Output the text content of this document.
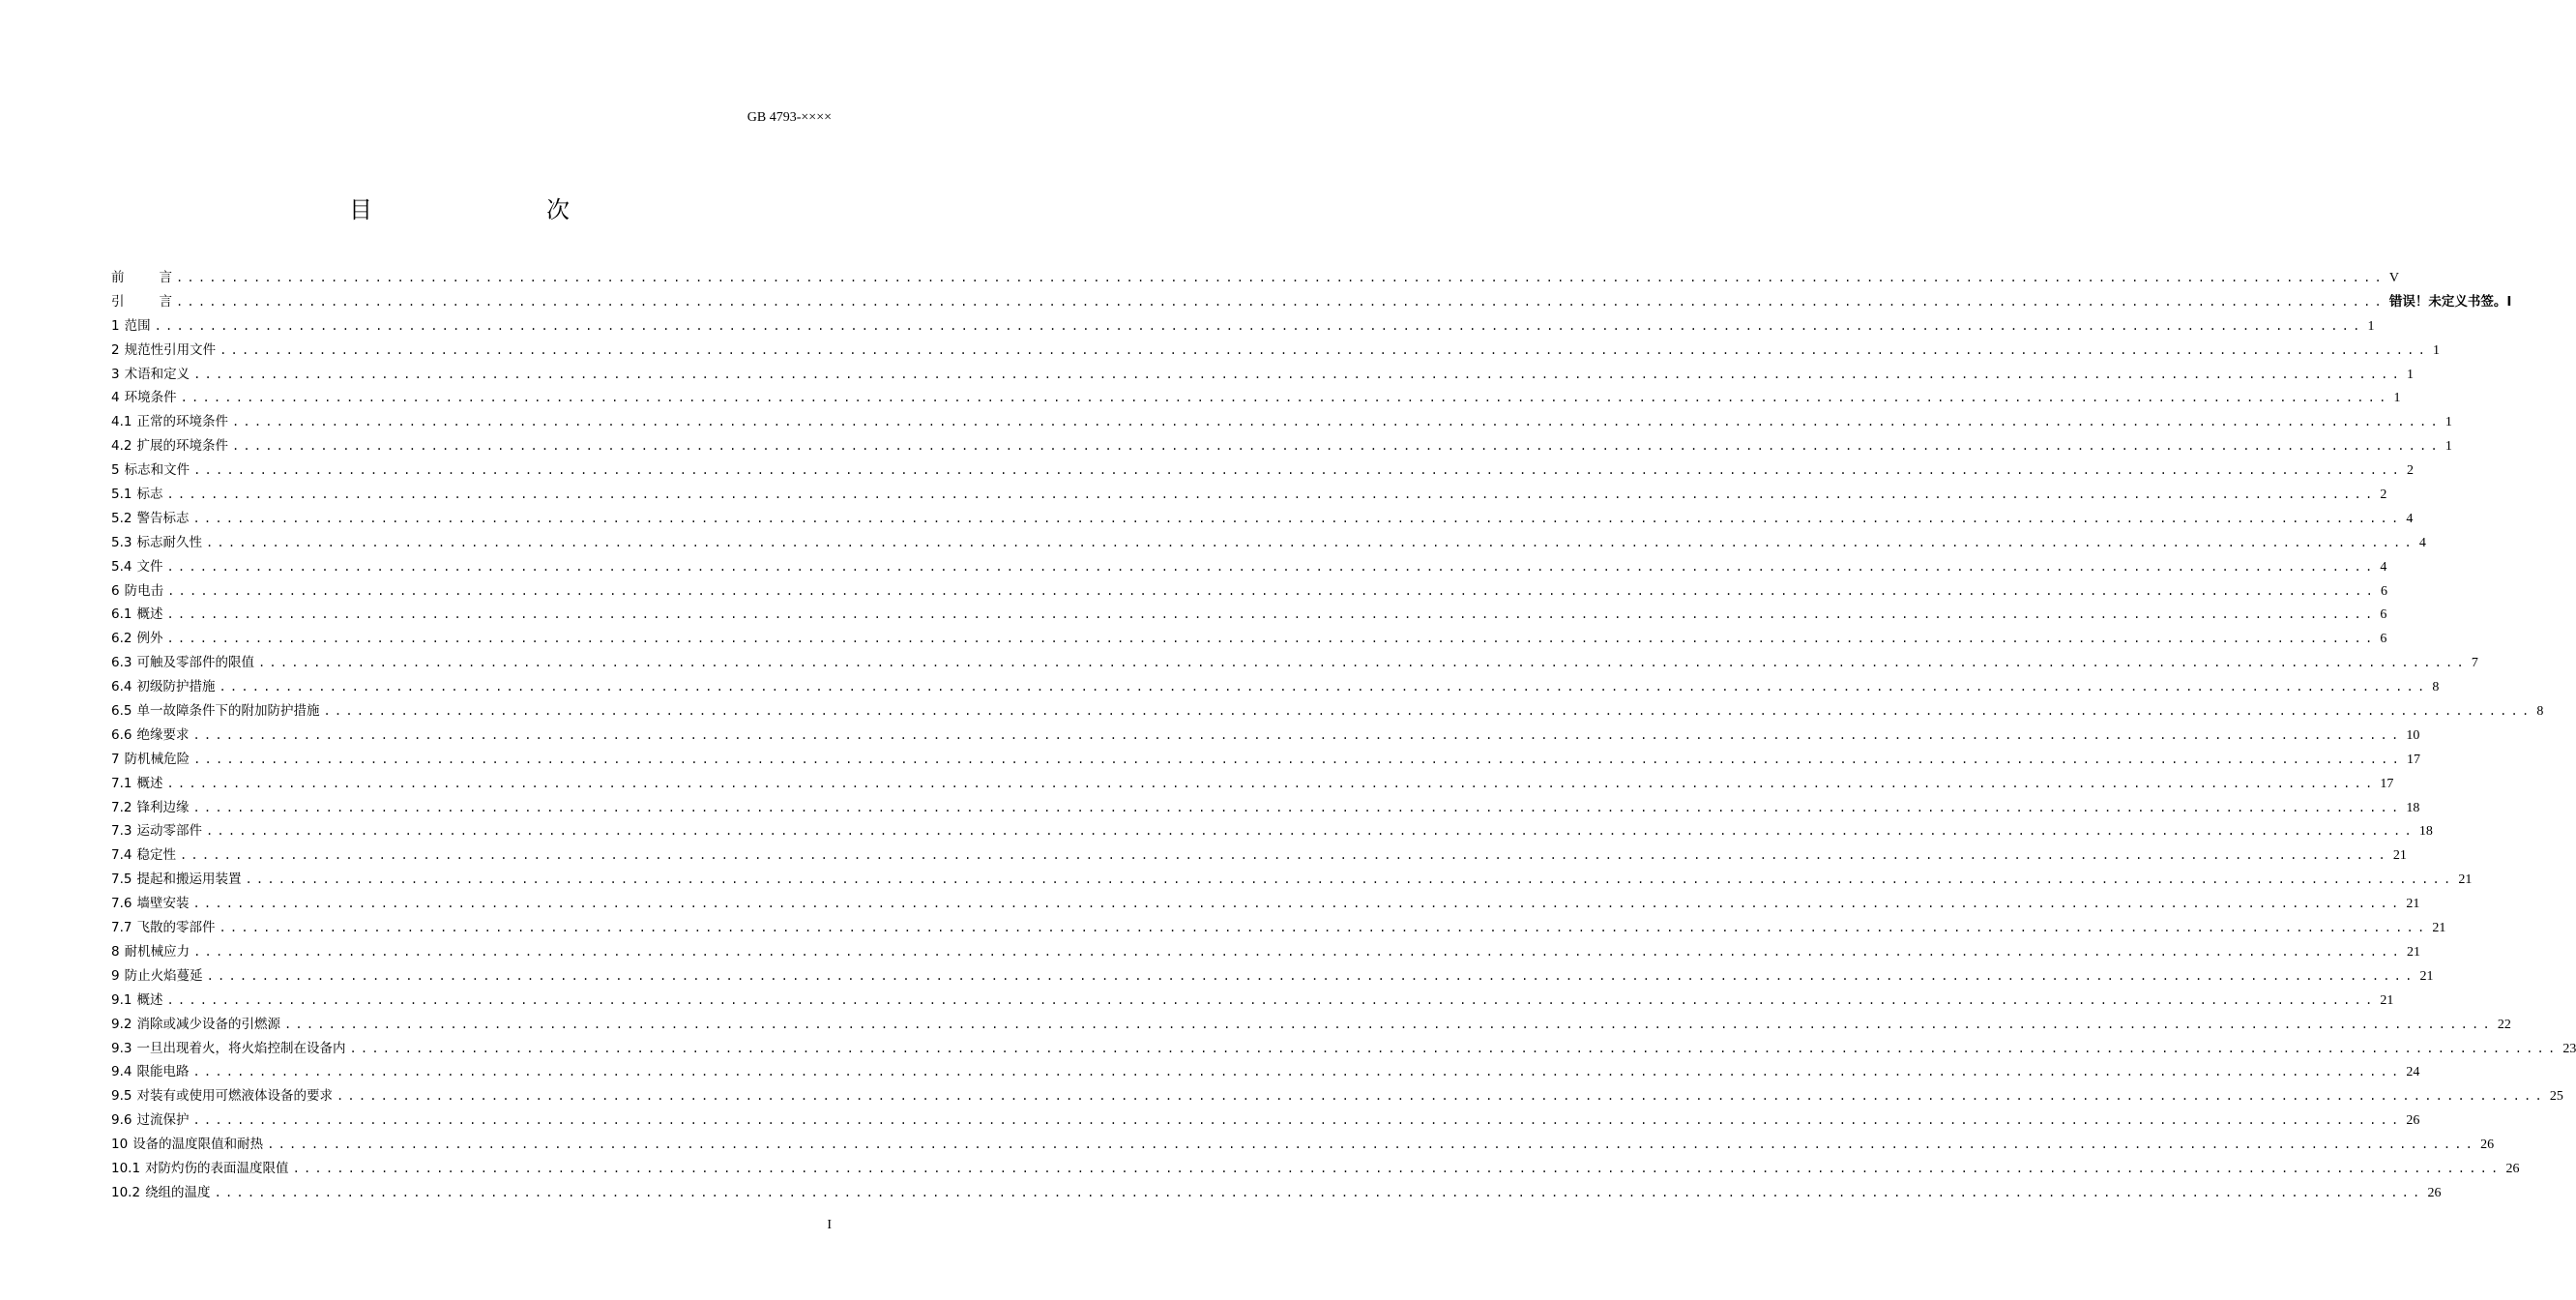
GB 4793-××××
目　　次
前	言 ........................................................................................................................................................................................................ V
引	言 ........................................................................................................................................................................................................ 错误！未定义书签。I
1 范围 ........................................................................................................................................................................................................ 1
2 规范性引用文件 ........................................................................................................................................................................................................ 1
3 术语和定义 ........................................................................................................................................................................................................ 1
4 环境条件 ........................................................................................................................................................................................................ 1
4.1 正常的环境条件 ........................................................................................................................................................................................................ 1
4.2 扩展的环境条件 ........................................................................................................................................................................................................ 1
5 标志和文件 ........................................................................................................................................................................................................ 2
5.1 标志 ........................................................................................................................................................................................................ 2
5.2 警告标志 ........................................................................................................................................................................................................ 4
5.3 标志耐久性 ........................................................................................................................................................................................................ 4
5.4 文件 ........................................................................................................................................................................................................ 4
6 防电击 ........................................................................................................................................................................................................ 6
6.1 概述 ........................................................................................................................................................................................................ 6
6.2 例外 ........................................................................................................................................................................................................ 6
6.3 可触及零部件的限值 ........................................................................................................................................................................................................ 7
6.4 初级防护措施 ........................................................................................................................................................................................................ 8
6.5 单一故障条件下的附加防护措施 ........................................................................................................................................................................................................ 8
6.6 绝缘要求 ........................................................................................................................................................................................................ 10
7 防机械危险 ........................................................................................................................................................................................................ 17
7.1 概述 ........................................................................................................................................................................................................ 17
7.2 锋利边缘 ........................................................................................................................................................................................................ 18
7.3 运动零部件 ........................................................................................................................................................................................................ 18
7.4 稳定性 ........................................................................................................................................................................................................ 21
7.5 提起和搬运用装置 ........................................................................................................................................................................................................ 21
7.6 墙壁安装 ........................................................................................................................................................................................................ 21
7.7 飞散的零部件 ........................................................................................................................................................................................................ 21
8 耐机械应力 ........................................................................................................................................................................................................ 21
9 防止火焰蔓延 ........................................................................................................................................................................................................ 21
9.1 概述 ........................................................................................................................................................................................................ 21
9.2 消除或减少设备的引燃源 ........................................................................................................................................................................................................ 22
9.3 一旦出现着火，将火焰控制在设备内 ........................................................................................................................................................................................................ 23
9.4 限能电路 ........................................................................................................................................................................................................ 24
9.5 对装有或使用可燃液体设备的要求 ........................................................................................................................................................................................................ 25
9.6 过流保护 ........................................................................................................................................................................................................ 26
10 设备的温度限值和耐热 ........................................................................................................................................................................................................ 26
10.1 对防灼伤的表面温度限值 ........................................................................................................................................................................................................ 26
10.2 绕组的温度 ........................................................................................................................................................................................................ 26
I
